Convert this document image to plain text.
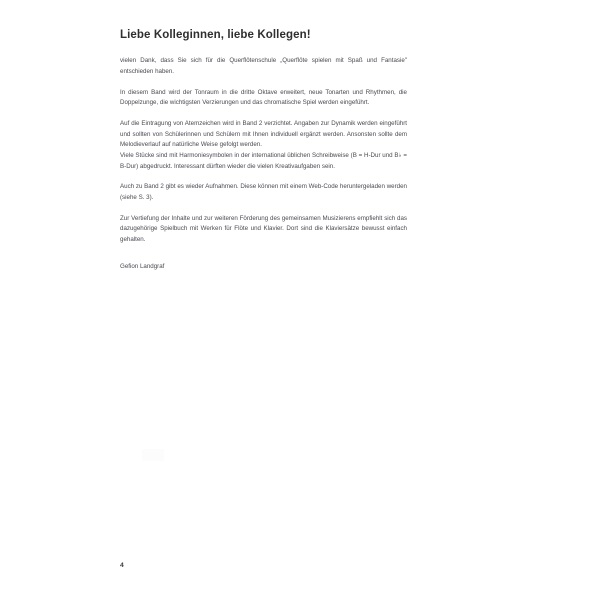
Liebe Kolleginnen, liebe Kollegen!

vielen Dank, dass Sie sich für die Querflötenschule „Querflöte spielen mit Spaß und Fantasie" entschieden haben.

In diesem Band wird der Tonraum in die dritte Oktave erweitert, neue Tonarten und Rhythmen, die Doppelzunge, die wichtigsten Verzierungen und das chromatische Spiel werden eingeführt.

Auf die Eintragung von Atemzeichen wird in Band 2 verzichtet. Angaben zur Dynamik werden eingeführt und sollten von Schülerinnen und Schülern mit Ihnen individuell ergänzt werden. Ansonsten sollte dem Melodieverlauf auf natürliche Weise gefolgt werden.

Viele Stücke sind mit Harmoniesymbolen in der international üblichen Schreibweise (B = H-Dur und B♭ = B-Dur) abgedruckt. Interessant dürften wieder die vielen Kreativaufgaben sein.

Auch zu Band 2 gibt es wieder Aufnahmen. Diese können mit einem Web-Code heruntergeladen werden (siehe S. 3).

Zur Vertiefung der Inhalte und zur weiteren Förderung des gemeinsamen Musizierens empfiehlt sich das dazugehörige Spielbuch mit Werken für Flöte und Klavier. Dort sind die Klaviersätze bewusst einfach gehalten.

Gefion Landgraf

4
